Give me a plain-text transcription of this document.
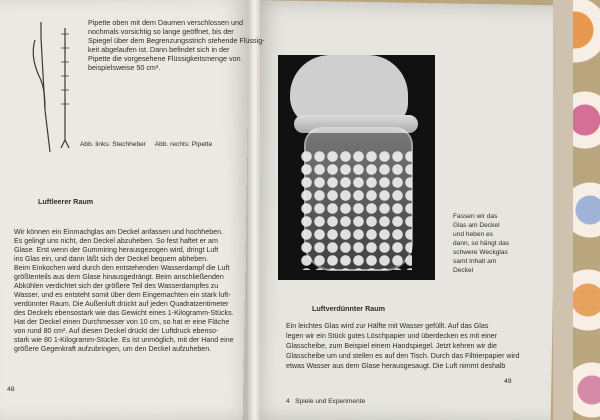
Pipette oben mit dem Daumen verschlossen und
nochmals vorsichtig so lange geöffnet, bis der
Spiegel über dem Begrenzungsstrich stehende Flüssig-
keit abgelaufen ist. Dann befindet sich in der
Pipette die vorgesehene Flüssigkeitsmenge von
beispielsweise 50 cm³.
Abb. links: Stechheber     Abb. rechts: Pipette
Luftleerer Raum
Wir können ein Einmachglas am Deckel anfassen und hochheben.
Es gelingt uns nicht, den Deckel abzuheben. So fest haftet er am
Glase. Erst wenn der Gummiring herausgezogen wird, dringt Luft
ins Glas ein, und dann läßt sich der Deckel bequem abheben.
Beim Einkochen wird durch den entstehenden Wasserdampf die Luft
größtenteils aus dem Glase hinausgedrängt. Beim anschließenden
Abkühlen verdichtet sich der größere Teil des Wasserdampfes zu
Wasser, und es entsteht somit über dem Eingemachten ein stark luft-
verdünnter Raum. Die Außenluft drückt auf jeden Quadratzentimeter
des Deckels ebensostark wie das Gewicht eines 1-Kilogramm-Stücks.
Hat der Deckel einen Durchmesser von 10 cm, so hat er eine Fläche
von rund 80 cm². Auf diesen Deckel drückt der Luftdruck ebenso-
stark wie 80 1-Kilogramm-Stücke. Es ist unmöglich, mit der Hand eine
größere Gegenkraft aufzubringen, um den Deckel aufzuheben.
48
Fassen wir das
Glas am Deckel
und heben es
dann, so hängt das
schwere Weckglas
samt Inhalt am
Deckel
Luftverdünnter Raum
Ein leichtes Glas wird zur Hälfte mit Wasser gefüllt. Auf das Glas
legen wir ein Stück gutes Löschpapier und überdecken es mit einer
Glasscheibe, zum Beispiel einem Handspiegel. Jetzt kehren wir die
Glasscheibe um und stellen es auf den Tisch. Durch das Filtrierpapier wird
etwas Wasser aus dem Glase herausgesaugt. Die Luft nimmt deshalb
4   Spiele und Experimente
49
